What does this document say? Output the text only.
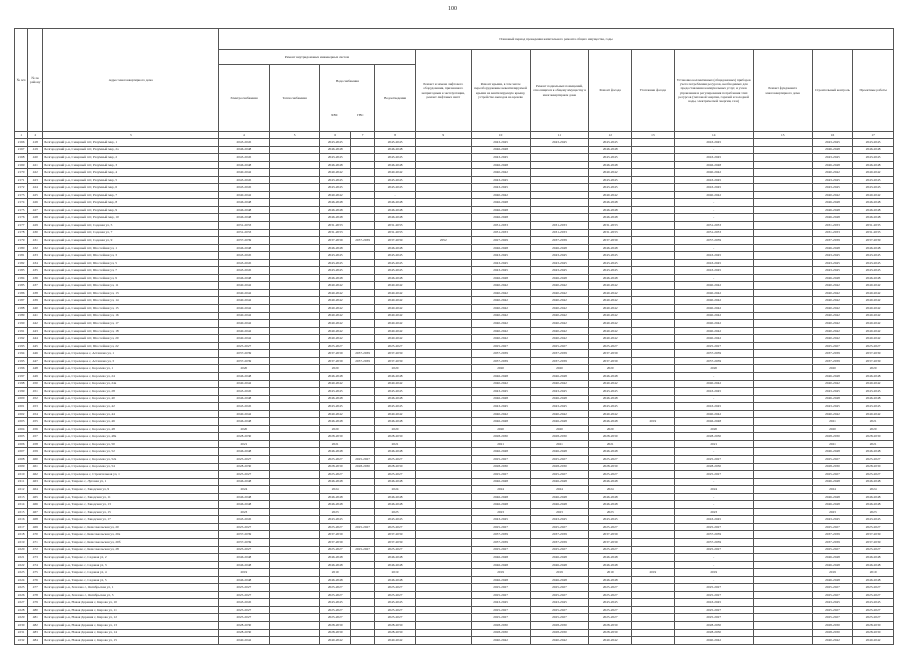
100
№ п/п	№ по району	Адрес многоквартирного дома	Плановый период проведения капитального ремонта общего имущества, годы													
			Ремонт внутридомовых инженерных систем					Ремонт и замена лифтового оборудования, признанного непригодным к эксплуатации, ремонт лифтовых шахт	Ремонт крыши, в том числе переоборудование невентилируемой крыши на вентилируемую крышу, устройство выходов на кровлю	Ремонт подвальных помещений, относящихся к общему имуществу в многоквартирном доме	Ремонт фасада	Утепление фасада	Установка коллективных (общедомовых) приборов учета потребления ресурсов, необходимых для предоставления коммунальных услуг, и узлов управления и регулирования потребления этих ресурсов (тепловой энергии, горячей и холодной воды, электрической энергии, газа)	Ремонт фундамента многоквартирного дома	Строительный контроль	Проектные работы
			Электроснабжения	Теплоснабжения	Водоснабжения
ХВС ГВС		Водоотведения									
1	2	3	4	5	6	7	8	9	10	11	12	13	14	15	16	17
2166	418	Белгородский р-н, Северный пгт, Разумный мкр, 1	2043-2045		2043-2045		2043-2045		2043-2045	2043-2045	2043-2045		2043-2045		2043-2045	2043-2045
2167	419	Белгородский р-н, Северный пгт, Разумный мкр, 2а	2046-2048		2046-2048		2046-2048		2046-2048		2046-2048		-		2046-2048	2046-2048
2168	420	Белгородский р-н, Северный пгт, Разумный мкр, 2	2043-2045		2043-2045		2043-2045		2043-2045		2043-2045		2043-2045		2043-2045	2043-2045
2169	421	Белгородский р-н, Северный пгт, Разумный мкр, 3	2046-2048		2046-2048		2046-2048		2046-2048		2046-2048		2046-2048		2046-2048	2046-2048
2170	422	Белгородский р-н, Северный пгт, Разумный мкр, 4	2040-2042		2040-2042		2040-2042		2040-2042		2040-2042		2040-2042		2040-2042	2040-2042
2171	423	Белгородский р-н, Северный пгт, Разумный мкр, 5	2043-2045		2043-2045		2043-2045		2043-2045		2043-2045		2043-2045		2043-2045	2043-2045
2172	424	Белгородский р-н, Северный пгт, Разумный мкр, 6	2043-2045		2043-2045		2043-2045		2043-2045		2043-2045		2043-2045		2043-2045	2043-2045
2173	425	Белгородский р-н, Северный пгт, Разумный мкр, 7	2040-2042		2040-2042		-		2040-2042		2040-2042		2040-2042		2040-2042	2040-2042
2174	426	Белгородский р-н, Северный пгт, Разумный мкр, 8	2046-2048		2046-2048		2046-2048		2046-2048		2046-2048		-		2046-2048	2046-2048
2175	427	Белгородский р-н, Северный пгт, Разумный мкр, 9	2046-2048		2046-2048		2046-2048		2046-2048		2046-2048		-		2046-2048	2046-2048
2176	428	Белгородский р-н, Северный пгт, Разумный мкр, 10	2046-2048		2046-2048		2046-2048		2046-2048		2046-2048		-		2046-2048	2046-2048
2177	429	Белгородский р-н, Северный пгт, Садовая ул, 5	2031-2033		2031-2033		2031-2033		2031-2033	2031-2033	2031-2033		2031-2033		2031-2033	2031-2033
2178	430	Белгородский р-н, Северный пгт, Садовая ул, 7	2031-2033		2031-2033		2031-2033		2031-2033	2031-2033	2031-2033		2031-2033		2031-2033	2031-2033
2179	431	Белгородский р-н, Северный пгт, Садовая ул, 9	2037-2039		2037-2039	2037-2039	2037-2039	2052	2027-2029	2037-2039	2037-2039		2037-2039		2037-2039	2037-2039
2180	432	Белгородский р-н, Северный пгт, Шоссейная ул, 1	2046-2048		2046-2048		2046-2048		2046-2048	2046-2048	2046-2048		-		2046-2048	2046-2048
2181	433	Белгородский р-н, Северный пгт, Шоссейная ул, 3	2043-2045		2043-2045		2043-2045		2043-2045	2043-2045	2043-2045		2043-2045		2043-2045	2043-2045
2182	434	Белгородский р-н, Северный пгт, Шоссейная ул, 5	2043-2045		2043-2045		2043-2045		2043-2045	2043-2045	2043-2045		2043-2045		2043-2045	2043-2045
2183	435	Белгородский р-н, Северный пгт, Шоссейная ул, 7	2043-2045		2043-2045		2043-2045		2043-2045	2043-2045	2043-2045		2043-2045		2043-2045	2043-2045
2184	436	Белгородский р-н, Северный пгт, Шоссейная ул, 9	2046-2048		2046-2048		2046-2048		2046-2048	2046-2048	2046-2048		-		2046-2048	2046-2048
2185	437	Белгородский р-н, Северный пгт, Шоссейная ул, 11	2040-2042		2040-2042		2040-2042		2040-2042	2040-2042	2040-2042		2040-2042		2040-2042	2040-2042
2186	438	Белгородский р-н, Северный пгт, Шоссейная ул, 13	2040-2042		2040-2042		2040-2042		2040-2042	2040-2042	2040-2042		2040-2042		2040-2042	2040-2042
2187	439	Белгородский р-н, Северный пгт, Шоссейная ул, 14	2040-2042		2040-2042		2040-2042		2040-2042	2040-2042	2040-2042		2040-2042		2040-2042	2040-2042
2188	440	Белгородский р-н, Северный пгт, Шоссейная ул, 15	2040-2042		2040-2042		2040-2042		2040-2042	2040-2042	2040-2042		2040-2042		2040-2042	2040-2042
2189	441	Белгородский р-н, Северный пгт, Шоссейная ул, 16	2040-2042		2040-2042		2040-2042		2040-2042	2040-2042	2040-2042		2040-2042		2040-2042	2040-2042
2190	442	Белгородский р-н, Северный пгт, Шоссейная ул, 17	2040-2042		2040-2042		2040-2042		2040-2042	2040-2042	2040-2042		2040-2042		2040-2042	2040-2042
2191	443	Белгородский р-н, Северный пгт, Шоссейная ул, 18	2040-2042		2040-2042		2040-2042		2040-2042	2040-2042	2040-2042		2040-2042		2040-2042	2040-2042
2192	444	Белгородский р-н, Северный пгт, Шоссейная ул, 20	2040-2042		2040-2042		2040-2042		2040-2042	2040-2042	2040-2042		2040-2042		2040-2042	2040-2042
2193	445	Белгородский р-н, Северный пгт, Шоссейная ул, 22	2025-2027		2025-2027		2025-2027		2025-2027	2025-2027	2025-2027		2025-2027		2025-2027	2025-2027
2194	446	Белгородский р-н, Стрелецкое с, Асташова ул, 1	2037-2039		2037-2039	2037-2039	2037-2039		2037-2039	2037-2039	2037-2039		2037-2039		2037-2039	2037-2039
2195	447	Белгородский р-н, Стрелецкое с, Асташова ул, 3	2037-2039		2037-2039	2037-2039	2037-2039		2037-2039	2037-2039	2037-2039		2037-2039		2037-2039	2037-2039
2196	448	Белгородский р-н, Стрелецкое с, Королева ул, 1	2020		2020		2020		2020	2020	2020		2020		2020	2020
2197	449	Белгородский р-н, Стрелецкое с, Королева ул, 24	2046-2048		2046-2048		2046-2048		2046-2048	2046-2048	2046-2048		-		2046-2048	2046-2048
2198	450	Белгородский р-н, Стрелецкое с, Королева ул, 24а	2040-2042		2040-2042		2040-2042		2040-2042	2040-2042	2040-2042		2040-2042		2040-2042	2040-2042
2199	451	Белгородский р-н, Стрелецкое с, Королева ул, 28	2043-2045		2043-2045		2043-2045		2043-2045	2043-2045	2043-2045		2043-2045		2043-2045	2043-2045
2200	452	Белгородский р-н, Стрелецкое с, Королева ул, 40	2046-2048		2046-2048		2046-2048		2046-2048	2046-2048	2046-2048		-		2046-2048	2046-2048
2201	453	Белгородский р-н, Стрелецкое с, Королева ул, 42	2043-2045		2043-2045		2043-2045		2043-2045	2043-2045	2043-2045		2043-2045		2043-2045	2043-2045
2202	454	Белгородский р-н, Стрелецкое с, Королева ул, 44	2040-2042		2040-2042		2040-2042		2040-2042	2040-2042	2040-2042		2040-2042		2040-2042	2040-2042
2203	455	Белгородский р-н, Стрелецкое с, Королева ул, 46	2046-2048		2046-2048		2046-2048		2046-2048	2046-2048	2046-2048	2019	2046-2048		2021	2021
2204	456	Белгородский р-н, Стрелецкое с, Королева ул, 48	2020		2020		2020		2020	2020	2020		2020		2020	2020
2205	457	Белгородский р-н, Стрелецкое с, Королева ул, 48а	2028-2030		2028-2030		2028-2030		2028-2030	2028-2030	2028-2030		2028-2030		2028-2030	2028-2030
2206	458	Белгородский р-н, Стрелецкое с, Королева ул, 50	2021		2021		2021		2021	2021	2021		2021		2021	2021
2207	459	Белгородский р-н, Стрелецкое с, Королева ул, 52	2046-2048		2046-2048		2046-2048		2046-2048	2046-2048	2046-2048		-		2046-2048	2046-2048
2208	460	Белгородский р-н, Стрелецкое с, Королева ул, 52а	2025-2027		2025-2027	2025-2027	2025-2027		2025-2027	2025-2027	2025-2027		2025-2027		2025-2027	2025-2027
2209	461	Белгородский р-н, Стрелецкое с, Королева ул, 54	2028-2030		2028-2030	2028-2030	2028-2030		2028-2030	2028-2030	2028-2030		2028-2030		2028-2030	2028-2030
2210	462	Белгородский р-н, Стрелецкое с, Строительная ул, 1	2025-2027		2025-2027		2025-2027		2025-2027	2025-2027	2025-2027		2025-2027		2025-2027	2025-2027
2211	463	Белгородский р-н, Таврово с, Луговая ул, 1	2046-2048		2046-2048		2046-2048		2046-2048	2046-2048	2046-2048		-		2046-2048	2046-2048
2212	464	Белгородский р-н, Таврово с, Заводская ул, 9	2024		2024		2024		2024	2024	2024		2024		2024	2024
2213	465	Белгородский р-н, Таврово с, Заводская ул, 11	2046-2048		2046-2048		2046-2048		2046-2048	2046-2048	2046-2048		-		2046-2048	2046-2048
2214	466	Белгородский р-н, Таврово с, Заводская ул, 13	2046-2048		2046-2048		2046-2048		2046-2048	2046-2048	2046-2048		-		2046-2048	2046-2048
2215	467	Белгородский р-н, Таврово с, Заводская ул, 15	2023		2023		2023		2023	2023	2023		2023		2023	2023
2216	468	Белгородский р-н, Таврово с, Заводская ул, 17	2043-2045		2043-2045		2043-2045		2043-2045	2043-2045	2043-2045		2043-2045		2043-2045	2043-2045
2217	469	Белгородский р-н, Таврово с, Комсомольская ул, 20	2025-2027		2025-2027	2025-2027	2025-2027		2025-2027	2025-2027	2025-2027		2025-2027		2025-2027	2025-2027
2218	470	Белгородский р-н, Таврово с, Комсомольская ул, 20а	2037-2039		2037-2039		2037-2039		2037-2039	2037-2039	2037-2039		2037-2039		2037-2039	2037-2039
2219	471	Белгородский р-н, Таврово с, Комсомольская ул, 20б	2037-2039		2037-2039		2037-2039		2037-2039	2037-2039	2037-2039		2037-2039		2037-2039	2037-2039
2220	472	Белгородский р-н, Таврово с, Комсомольская ул, 28	2025-2027		2025-2027	2025-2027	2025-2027		2025-2027	2025-2027	2025-2027		2025-2027		2025-2027	2025-2027
2221	473	Белгородский р-н, Таврово с, Садовая ул, 2	2046-2048		2046-2048		2046-2048		2046-2048	2046-2048	2046-2048		-		2046-2048	2046-2048
2222	474	Белгородский р-н, Таврово с, Садовая ул, 3	2046-2048		2046-2048		2046-2048		2046-2048	2046-2048	2046-2048		-		2046-2048	2046-2048
2223	475	Белгородский р-н, Таврово с, Садовая ул, 4	2019		2019		2019		2019	2019	2019	2019	2019		2019	2019
2224	476	Белгородский р-н, Таврово с, Садовая ул, 5	2046-2048		2046-2048		2046-2048		2046-2048	2046-2048	2046-2048		-		2046-2048	2046-2048
2225	477	Белгородский р-н, Хохлово с, Октябрьская ул, 1	2025-2027		2025-2027		2025-2027		2025-2027	2025-2027	2025-2027		2025-2027		2025-2027	2025-2027
2226	478	Белгородский р-н, Хохлово с, Октябрьская ул, 3	2025-2027		2025-2027		2025-2027		2025-2027	2025-2027	2025-2027		2025-2027		2025-2027	2025-2027
2227	479	Белгородский р-н, Новая Деревня с, Кирова ул, 10	2043-2045		2043-2045		2043-2045		2043-2045	2043-2045	2043-2045		2043-2045		2043-2045	2043-2045
2228	480	Белгородский р-н, Новая Деревня с, Кирова ул, 11	2025-2027		2025-2027		2025-2027		2025-2027	2025-2027	2025-2027		2025-2027		2025-2027	2025-2027
2229	481	Белгородский р-н, Новая Деревня с, Кирова ул, 12	2025-2027		2025-2027		2025-2027		2025-2027	2025-2027	2025-2027		2025-2027		2025-2027	2025-2027
2230	482	Белгородский р-н, Новая Деревня с, Кирова ул, 13	2028-2030		2028-2030		2028-2030		2028-2030	2028-2030	2028-2030		2028-2030		2028-2030	2028-2030
2231	483	Белгородский р-н, Новая Деревня с, Кирова ул, 14	2028-2030		2028-2030		2028-2030		2028-2030	2028-2030	2028-2030		2028-2030		2028-2030	2028-2030
2232	484	Белгородский р-н, Новая Деревня с, Кирова ул, 15	2040-2042		2040-2042		2040-2042		2040-2042	2040-2042	2040-2042		2040-2042		2040-2042	2040-2042
